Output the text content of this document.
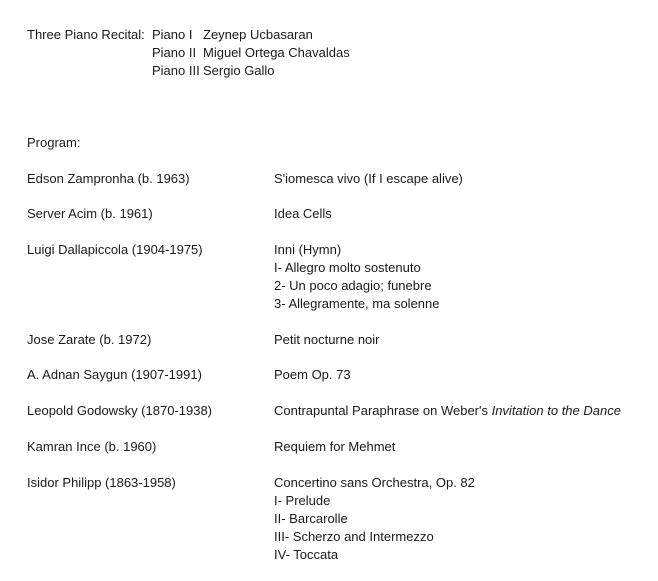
Three Piano Recital: Piano I Zeynep Ucbasaran
Piano II Miguel Ortega Chavaldas
Piano III Sergio Gallo
Program:
Edson Zampronha (b. 1963)	S'iomesca vivo (If I escape alive)
Server Acim (b. 1961)	Idea Cells
Luigi Dallapiccola (1904-1975)	Inni (Hymn)
I- Allegro molto sostenuto
2- Un poco adagio; funebre
3- Allegramente, ma solenne
Jose Zarate (b. 1972)	Petit nocturne noir
A. Adnan Saygun (1907-1991)	Poem Op. 73
Leopold Godowsky (1870-1938)	Contrapuntal Paraphrase on Weber's Invitation to the Dance
Kamran Ince (b. 1960)	Requiem for Mehmet
Isidor Philipp (1863-1958)	Concertino sans Orchestra, Op. 82
I- Prelude
II- Barcarolle
III- Scherzo and Intermezzo
IV- Toccata
